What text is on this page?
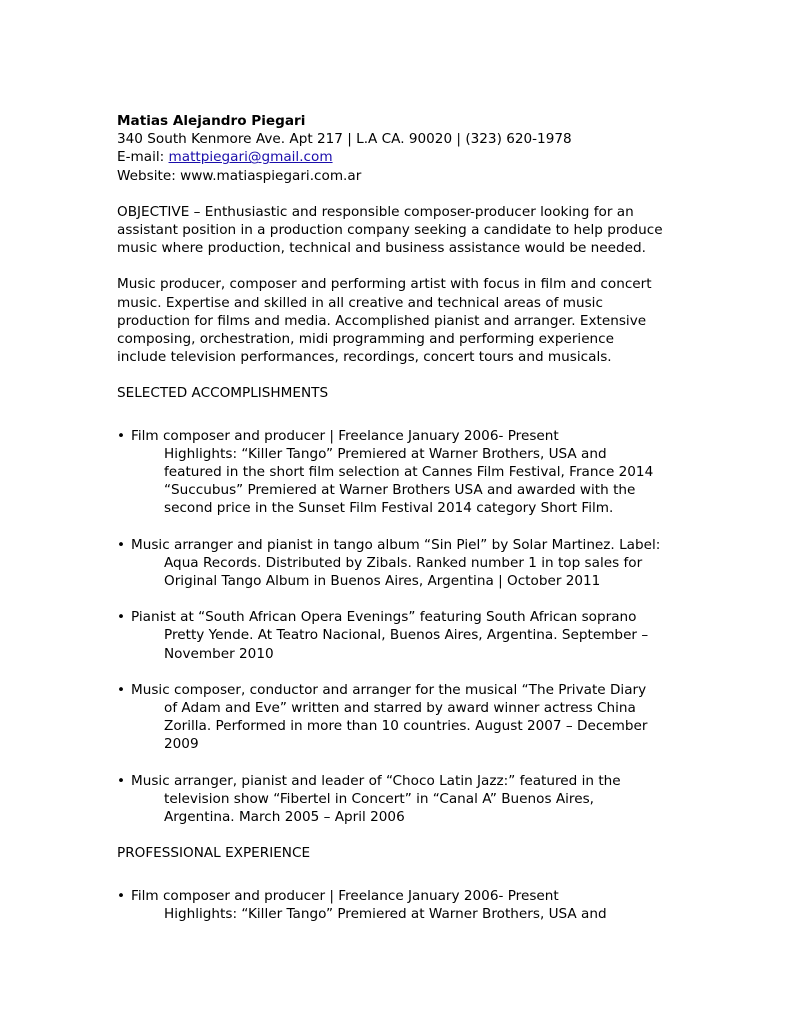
Matias Alejandro Piegari
340 South Kenmore Ave. Apt 217 | L.A CA. 90020 | (323) 620-1978
E-mail: mattpiegari@gmail.com
Website: www.matiaspiegari.com.ar
OBJECTIVE – Enthusiastic and responsible composer-producer looking for an
assistant position in a production company seeking a candidate to help produce
music where production, technical and business assistance would be needed.
Music producer, composer and performing artist with focus in film and concert
music. Expertise and skilled in all creative and technical areas of music
production for films and media. Accomplished pianist and arranger. Extensive
composing, orchestration, midi programming and performing experience
include television performances, recordings, concert tours and musicals.
SELECTED ACCOMPLISHMENTS
• Film composer and producer | Freelance January 2006- Present
Highlights: “Killer Tango” Premiered at Warner Brothers, USA and
featured in the short film selection at Cannes Film Festival, France 2014
“Succubus” Premiered at Warner Brothers USA and awarded with the
second price in the Sunset Film Festival 2014 category Short Film.
• Music arranger and pianist in tango album “Sin Piel” by Solar Martinez. Label:
Aqua Records. Distributed by Zibals. Ranked number 1 in top sales for
Original Tango Album in Buenos Aires, Argentina | October 2011
• Pianist at “South African Opera Evenings” featuring South African soprano
Pretty Yende. At Teatro Nacional, Buenos Aires, Argentina. September –
November 2010
• Music composer, conductor and arranger for the musical “The Private Diary
of Adam and Eve” written and starred by award winner actress China
Zorilla. Performed in more than 10 countries. August 2007 – December
2009
• Music arranger, pianist and leader of “Choco Latin Jazz:” featured in the
television show “Fibertel in Concert” in “Canal A” Buenos Aires,
Argentina. March 2005 – April 2006
PROFESSIONAL EXPERIENCE
• Film composer and producer | Freelance January 2006- Present
Highlights: “Killer Tango” Premiered at Warner Brothers, USA and
